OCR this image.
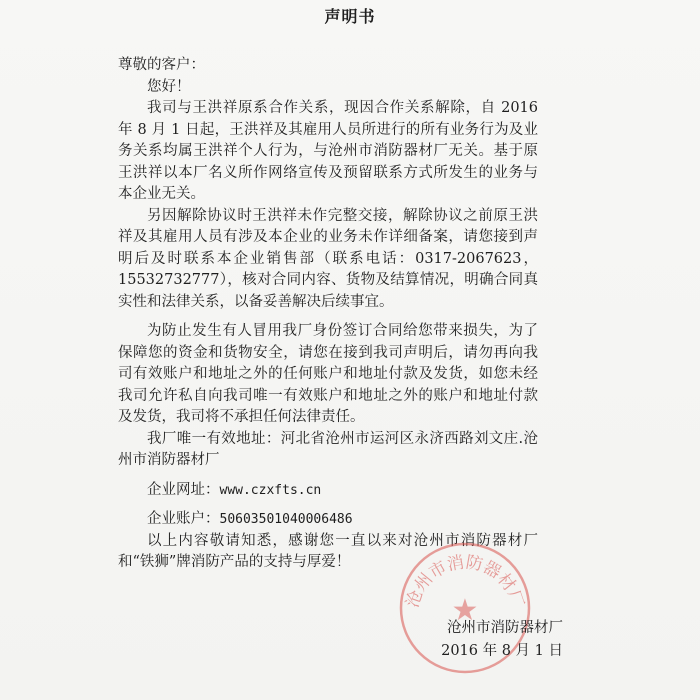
声明书

尊敬的客户：

您好！

我司与王洪祥原系合作关系，现因合作关系解除，自 2016 年 8 月 1 日起，王洪祥及其雇用人员所进行的所有业务行为及业务关系均属王洪祥个人行为，与沧州市消防器材厂无关。基于原王洪祥以本厂名义所作网络宣传及预留联系方式所发生的业务与本企业无关。

另因解除协议时王洪祥未作完整交接，解除协议之前原王洪祥及其雇用人员有涉及本企业的业务未作详细备案，请您接到声明后及时联系本企业销售部（联系电话：0317-2067623，15532732777），核对合同内容、货物及结算情况，明确合同真实性和法律关系，以备妥善解决后续事宜。

为防止发生有人冒用我厂身份签订合同给您带来损失，为了保障您的资金和货物安全，请您在接到我司声明后，请勿再向我司有效账户和地址之外的任何账户和地址付款及发货，如您未经我司允许私自向我司唯一有效账户和地址之外的账户和地址付款及发货，我司将不承担任何法律责任。

我厂唯一有效地址：河北省沧州市运河区永济西路刘文庄.沧州市消防器材厂

企业网址：www.czxfts.cn

企业账户：50603501040006486

以上内容敬请知悉，感谢您一直以来对沧州市消防器材厂和“铁狮”牌消防产品的支持与厚爱！

沧州市消防器材厂
★
沧州市消防器材厂
2016 年 8 月 1 日
